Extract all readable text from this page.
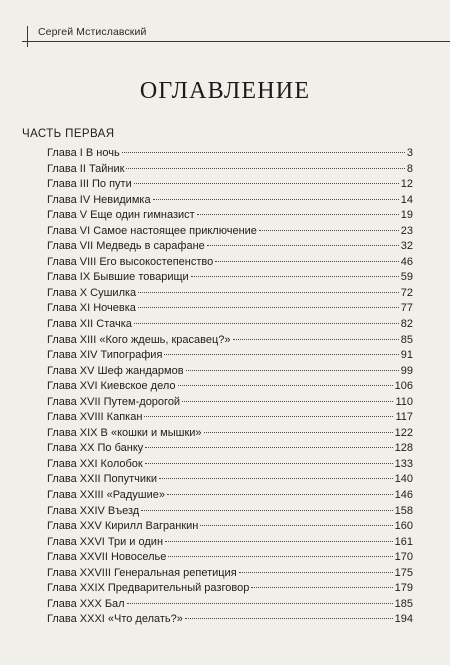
Сергей Мстиславский
ОГЛАВЛЕНИЕ
ЧАСТЬ ПЕРВАЯ
Глава I В ночь	3
Глава II Тайник	8
Глава III По пути	12
Глава IV Невидимка	14
Глава V Еще один гимназист	19
Глава VI Самое настоящее приключение	23
Глава VII Медведь в сарафане	32
Глава VIII Его высокостепенство	46
Глава IX Бывшие товарищи	59
Глава X Сушилка	72
Глава XI Ночевка	77
Глава XII Стачка	82
Глава XIII «Кого ждешь, красавец?»	85
Глава XIV Типография	91
Глава XV Шеф жандармов	99
Глава XVI Киевское дело	106
Глава XVII Путем-дорогой	110
Глава XVIII Капкан	117
Глава XIX В «кошки и мышки»	122
Глава XX По банку	128
Глава XXI Колобок	133
Глава XXII Попутчики	140
Глава XXIII «Радушие»	146
Глава XXIV Въезд	158
Глава XXV Кирилл Вагранкин	160
Глава XXVI Три и один	161
Глава XXVII Новоселье	170
Глава XXVIII Генеральная репетиция	175
Глава XXIX Предварительный разговор	179
Глава XXX Бал	185
Глава XXXI «Что делать?»	194
